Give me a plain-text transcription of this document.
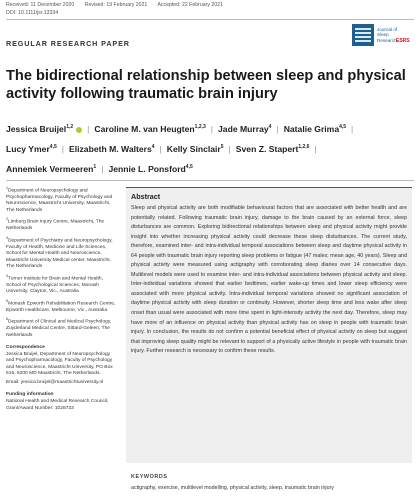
Received: 11 December 2020 Revised: 19 February 2021 Accepted: 22 February 2021
DOI: 10.1111/jsr.13334
REGULAR RESEARCH PAPER
Journal of Sleep Research ESRS
The bidirectional relationship between sleep and physical activity following traumatic brain injury
Jessica Bruijel$^{1,2}$ | Caroline M. van Heugten$^{1,2,3}$ | Jade Murray$^4$ | Natalie Grima$^{4,5}$ |
Lucy Ymer$^{4,5}$ | Elizabeth M. Walters$^4$ | Kelly Sinclair$^5$ | Sven Z. Stapert$^{1,2,6}$ |
Annemiek Vermeeren$^1$ | Jennie L. Ponsford$^{4,5}$

$^1$Department of Neuropsychology and Psychopharmacology, Faculty of Psychology and Neuroscience, Maastricht University, Maastricht, The Netherlands

$^2$Limburg Brain Injury Centre, Maastricht, The Netherlands

$^3$Department of Psychiatry and Neuropsychology, Faculty of Health, Medicine and Life Sciences, School for Mental Health and Neuroscience, Maastricht University Medical center, Maastricht, The Netherlands

$^4$Turner Institute for Brain and Mental Health, School of Psychological Sciences, Monash University, Clayton, Vic., Australia

$^5$Monash Epworth Rehabilitation Research Centre, Epworth Healthcare, Melbourne, Vic., Australia

$^6$Department of Clinical and Medical Psychology, Zuyderland Medical Centre, Sittard-Geleen, The Netherlands

Correspondence

Jessica Bruijel, Department of Neuropsychology and Psychopharmacology, Faculty of Psychology and Neuroscience, Maastricht University, PO Box 616, 6200 MD Maastricht, The Netherlands.

Email: jessica.bruijel@maastrichtuniversity.nl

Funding information

National Health and Medical Research Council, Grant/Award Number: 1028733

Abstract

Sleep and physical activity are both modifiable behavioural factors that are associated with better health and are potentially related. Following traumatic brain injury, damage to the brain caused by an external force, sleep disturbances are common. Exploring bidirectional relationships between sleep and physical activity might provide insight into whether increasing physical activity could decrease these sleep disturbances. The current study, therefore, examined inter- and intra-individual temporal associations between sleep and daytime physical activity in 64 people with traumatic brain injury reporting sleep problems or fatigue (47 males; mean age, 40 years). Sleep and physical activity were measured using actigraphy with corroborating sleep diaries over 14 consecutive days. Multilevel models were used to examine inter- and intra-individual associations between physical activity and sleep. Inter-individual variations showed that earlier bedtimes, earlier wake-up times and lower sleep efficiency were associated with more physical activity. Intra-individual temporal variations showed no significant association of daytime physical activity with sleep duration or continuity. However, shorter sleep time and less wake after sleep onset than usual were associated with more time spent in light-intensity activity the next day. Therefore, sleep may have more of an influence on physical activity than physical activity has on sleep in people with traumatic brain injury. In conclusion, the results do not confirm a potential beneficial effect of physical activity on sleep but suggest that improving sleep quality might be relevant to support of a physically active lifestyle in people with traumatic brain injury. Further research is necessary to confirm these results.

KEYWORDS
actigraphy, exercise, multilevel modelling, physical activity, sleep, traumatic brain injury
